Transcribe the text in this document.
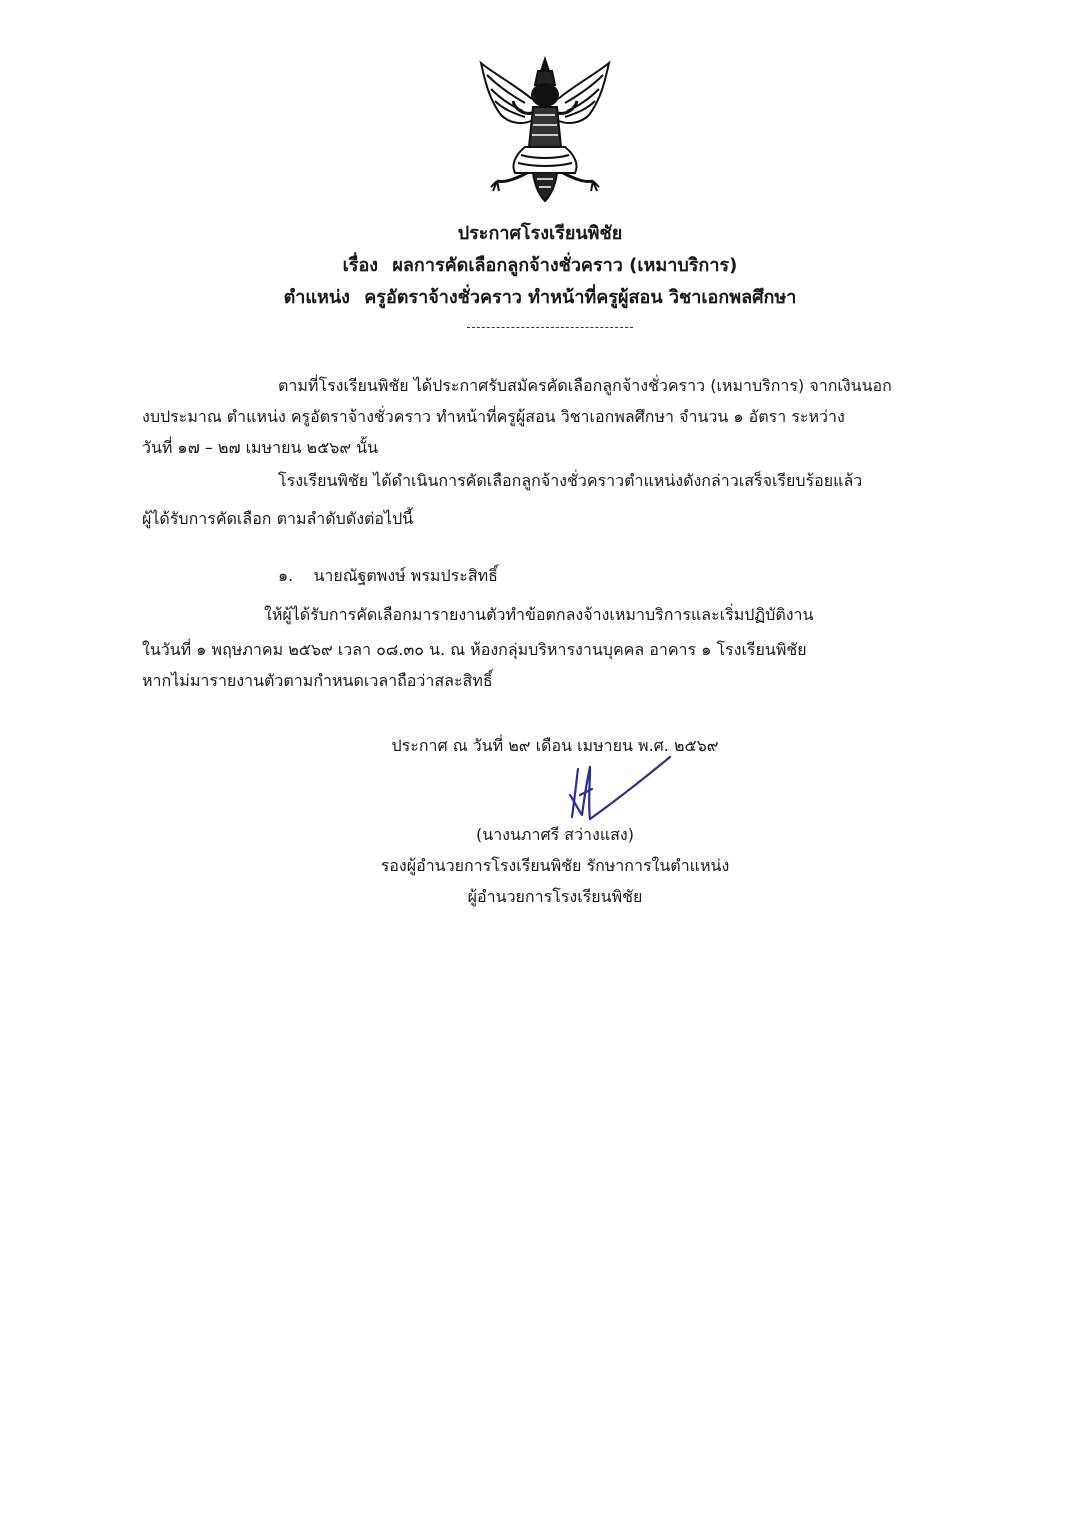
ประกาศโรงเรียนพิชัย
เรื่อง ผลการคัดเลือกลูกจ้างชั่วคราว (เหมาบริการ)
ตำแหน่ง ครูอัตราจ้างชั่วคราว ทำหน้าที่ครูผู้สอน วิชาเอกพลศึกษา
ตามที่โรงเรียนพิชัย ได้ประกาศรับสมัครคัดเลือกลูกจ้างชั่วคราว (เหมาบริการ) จากเงินนอก
งบประมาณ ตำแหน่ง ครูอัตราจ้างชั่วคราว ทำหน้าที่ครูผู้สอน วิชาเอกพลศึกษา จำนวน ๑ อัตรา ระหว่าง
วันที่ ๑๗ – ๒๗ เมษายน ๒๕๖๙ นั้น
โรงเรียนพิชัย ได้ดำเนินการคัดเลือกลูกจ้างชั่วคราวตำแหน่งดังกล่าวเสร็จเรียบร้อยแล้ว
ผู้ได้รับการคัดเลือก ตามลำดับดังต่อไปนี้
๑. นายณัฐตพงษ์ พรมประสิทธิ์
ให้ผู้ได้รับการคัดเลือกมารายงานตัวทำข้อตกลงจ้างเหมาบริการและเริ่มปฏิบัติงาน
ในวันที่ ๑ พฤษภาคม ๒๕๖๙ เวลา ๐๘.๓๐ น. ณ ห้องกลุ่มบริหารงานบุคคล อาคาร ๑ โรงเรียนพิชัย
หากไม่มารายงานตัวตามกำหนดเวลาถือว่าสละสิทธิ์
ประกาศ ณ วันที่ ๒๙ เดือน เมษายน พ.ศ. ๒๕๖๙
(นางนภาศรี สว่างแสง)
รองผู้อำนวยการโรงเรียนพิชัย รักษาการในตำแหน่ง
ผู้อำนวยการโรงเรียนพิชัย
